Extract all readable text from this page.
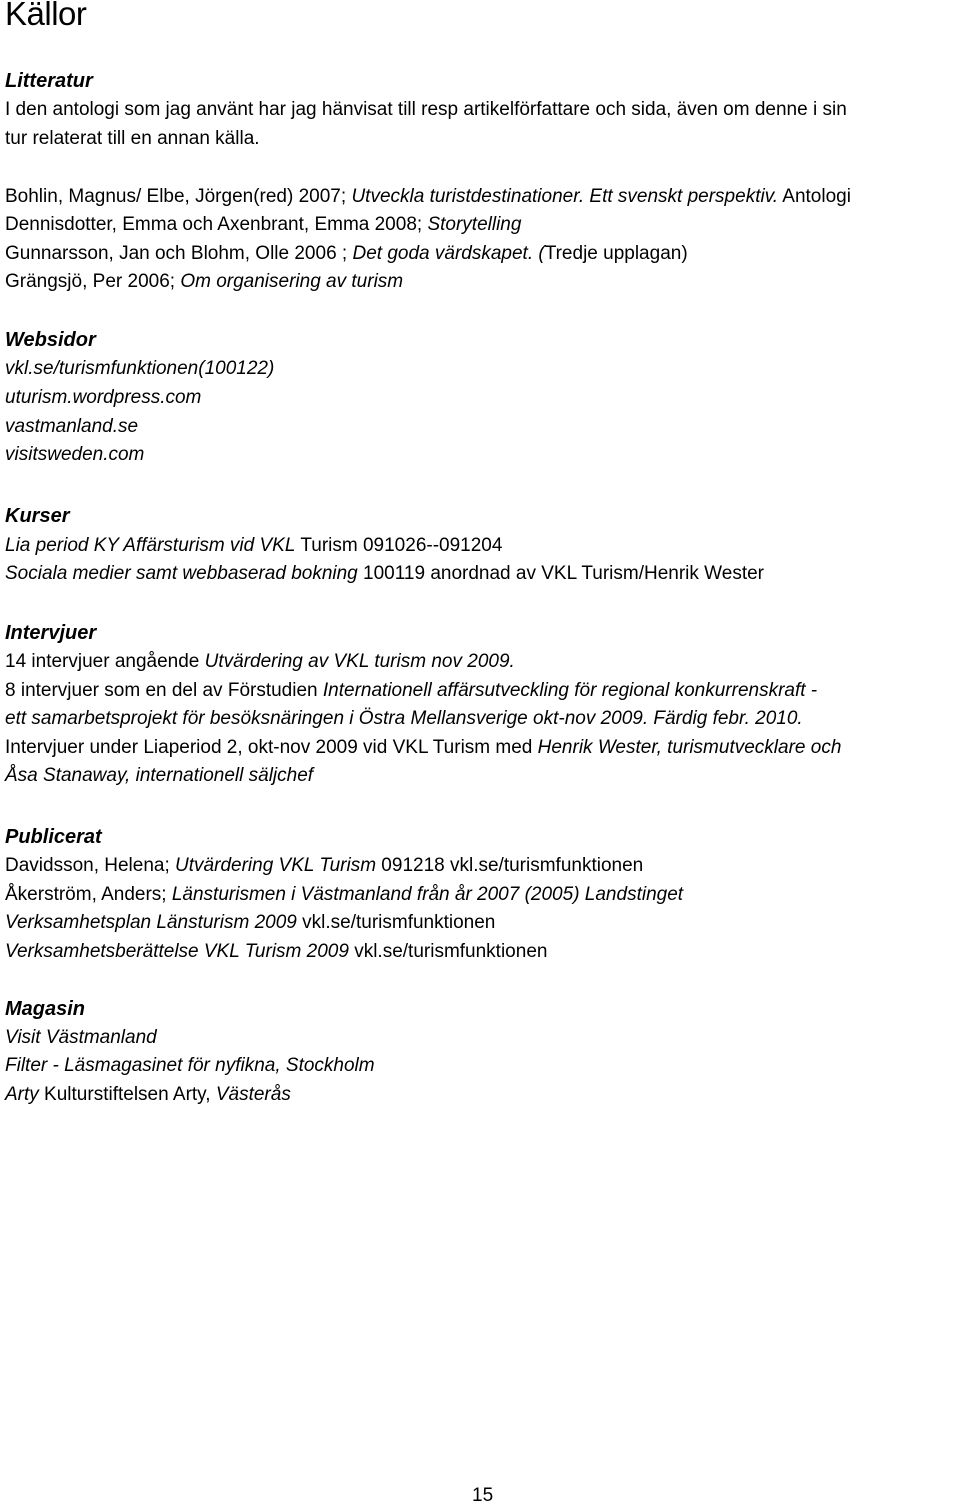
Källor
Litteratur
I den antologi som jag använt har jag hänvisat till resp artikelförfattare och sida, även om denne i sin
tur relaterat till en annan källa.
Bohlin, Magnus/ Elbe, Jörgen(red) 2007; Utveckla turistdestinationer. Ett svenskt perspektiv. Antologi
Dennisdotter, Emma och Axenbrant, Emma 2008; Storytelling
Gunnarsson, Jan och Blohm, Olle 2006 ; Det goda värdskapet. (Tredje upplagan)
Grängsjö, Per 2006; Om organisering av turism
Websidor
vkl.se/turismfunktionen(100122)
uturism.wordpress.com
vastmanland.se
visitsweden.com
Kurser
Lia period KY Affärsturism vid VKL Turism 091026--091204
Sociala medier samt webbaserad bokning 100119 anordnad av VKL Turism/Henrik Wester
Intervjuer
14 intervjuer angående Utvärdering av VKL turism nov 2009.
8 intervjuer som en del av Förstudien Internationell affärsutveckling för regional konkurrenskraft -
ett samarbetsprojekt för besöksnäringen i Östra Mellansverige okt-nov 2009. Färdig febr. 2010.
Intervjuer under Liaperiod 2, okt-nov 2009 vid VKL Turism med Henrik Wester, turismutvecklare och
Åsa Stanaway, internationell säljchef
Publicerat
Davidsson, Helena; Utvärdering VKL Turism 091218 vkl.se/turismfunktionen
Åkerström, Anders; Länsturismen i Västmanland från år 2007 (2005) Landstinget
Verksamhetsplan Länsturism 2009 vkl.se/turismfunktionen
Verksamhetsberättelse VKL Turism 2009 vkl.se/turismfunktionen
Magasin
Visit Västmanland
Filter - Läsmagasinet för nyfikna, Stockholm
Arty Kulturstiftelsen Arty, Västerås
15
